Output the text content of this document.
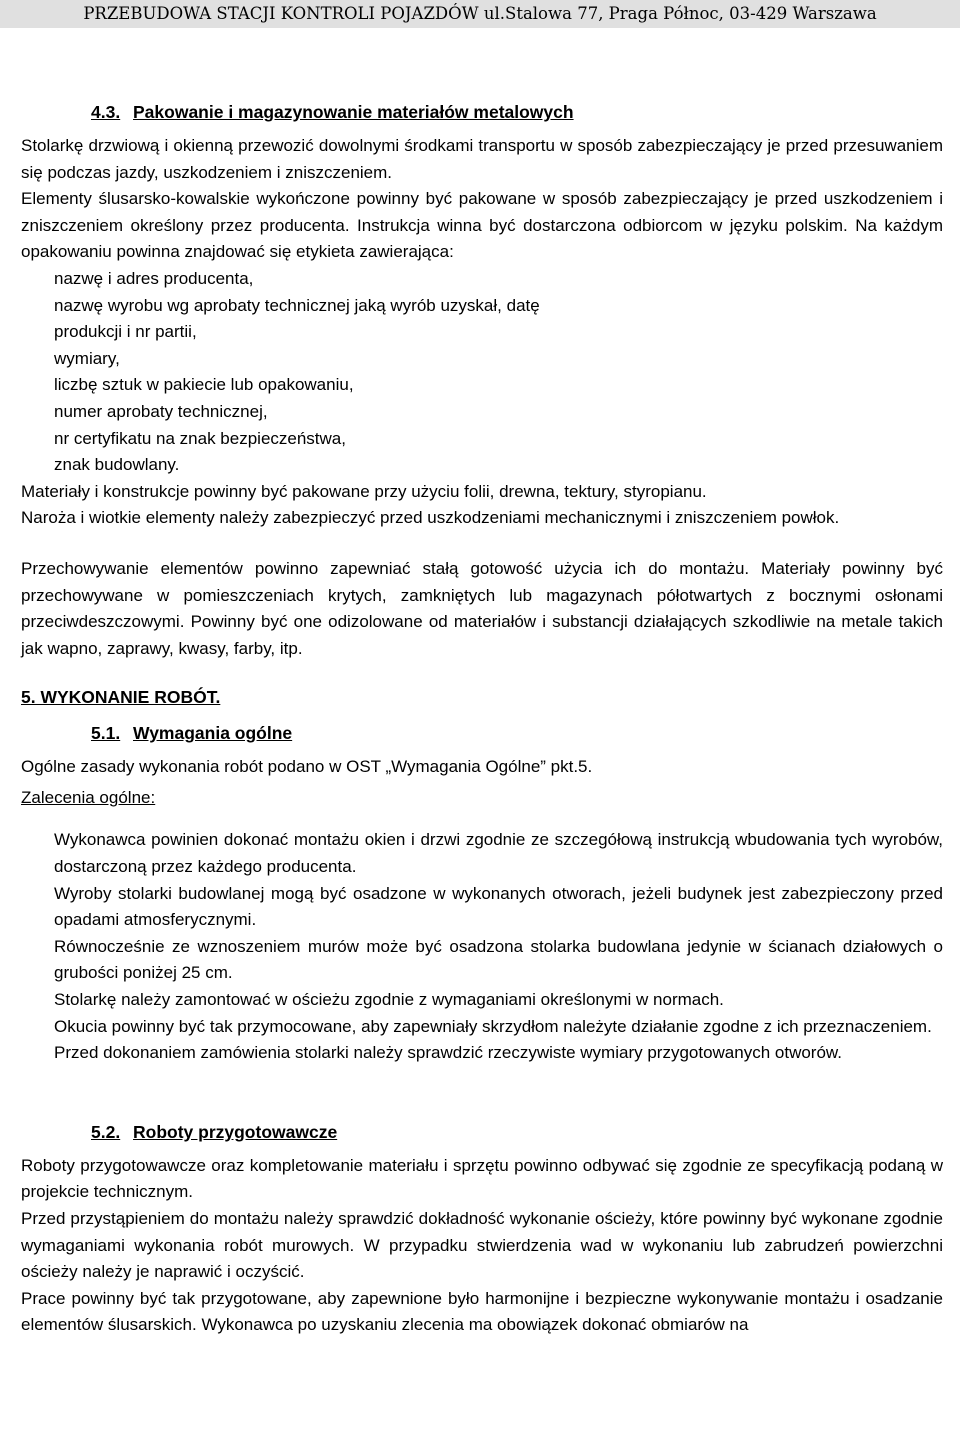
PRZEBUDOWA STACJI KONTROLI POJAZDÓW ul.Stalowa 77, Praga Północ, 03-429 Warszawa
4.3. Pakowanie i magazynowanie materiałów metalowych

Stolarkę drzwiową i okienną przewozić dowolnymi środkami transportu w sposób zabezpieczający je przed przesuwaniem się podczas jazdy, uszkodzeniem i zniszczeniem.

Elementy ślusarsko-kowalskie wykończone powinny być pakowane w sposób zabezpieczający je przed uszkodzeniem i zniszczeniem określony przez producenta. Instrukcja winna być dostarczona odbiorcom w języku polskim. Na każdym opakowaniu powinna znajdować się etykieta zawierająca:

nazwę i adres producenta,
nazwę wyrobu wg aprobaty technicznej jaką wyrób uzyskał, datę
produkcji i nr partii,
wymiary,
liczbę sztuk w pakiecie lub opakowaniu,
numer aprobaty technicznej,
nr certyfikatu na znak bezpieczeństwa,
znak budowlany.

Materiały i konstrukcje powinny być pakowane przy użyciu folii, drewna, tektury, styropianu.

Naroża i wiotkie elementy należy zabezpieczyć przed uszkodzeniami mechanicznymi i zniszczeniem powłok.

Przechowywanie elementów powinno zapewniać stałą gotowość użycia ich do montażu. Materiały powinny być przechowywane w pomieszczeniach krytych, zamkniętych lub magazynach półotwartych z bocznymi osłonami przeciwdeszczowymi. Powinny być one odizolowane od materiałów i substancji działających szkodliwie na metale takich jak wapno, zaprawy, kwasy, farby, itp.

5. WYKONANIE ROBÓT.
5.1. Wymagania ogólne

Ogólne zasady wykonania robót podano w OST „Wymagania Ogólne” pkt.5.

Zalecenia ogólne:

Wykonawca powinien dokonać montażu okien i drzwi zgodnie ze szczegółową instrukcją wbudowania tych wyrobów, dostarczoną przez każdego producenta.
Wyroby stolarki budowlanej mogą być osadzone w wykonanych otworach, jeżeli budynek jest zabezpieczony przed opadami atmosferycznymi.
Równocześnie ze wznoszeniem murów może być osadzona stolarka budowlana jedynie w ścianach działowych o grubości poniżej 25 cm.
Stolarkę należy zamontować w ościeżu zgodnie z wymaganiami określonymi w normach.
Okucia powinny być tak przymocowane, aby zapewniały skrzydłom należyte działanie zgodne z ich przeznaczeniem.
Przed dokonaniem zamówienia stolarki należy sprawdzić rzeczywiste wymiary przygotowanych otworów.
5.2. Roboty przygotowawcze

Roboty przygotowawcze oraz kompletowanie materiału i sprzętu powinno odbywać się zgodnie ze specyfikacją podaną w projekcie technicznym.

Przed przystąpieniem do montażu należy sprawdzić dokładność wykonanie ościeży, które powinny być wykonane zgodnie wymaganiami wykonania robót murowych. W przypadku stwierdzenia wad w wykonaniu lub zabrudzeń powierzchni ościeży należy je naprawić i oczyścić.

Prace powinny być tak przygotowane, aby zapewnione było harmonijne i bezpieczne wykonywanie montażu i osadzanie elementów ślusarskich. Wykonawca po uzyskaniu zlecenia ma obowiązek dokonać obmiarów na
